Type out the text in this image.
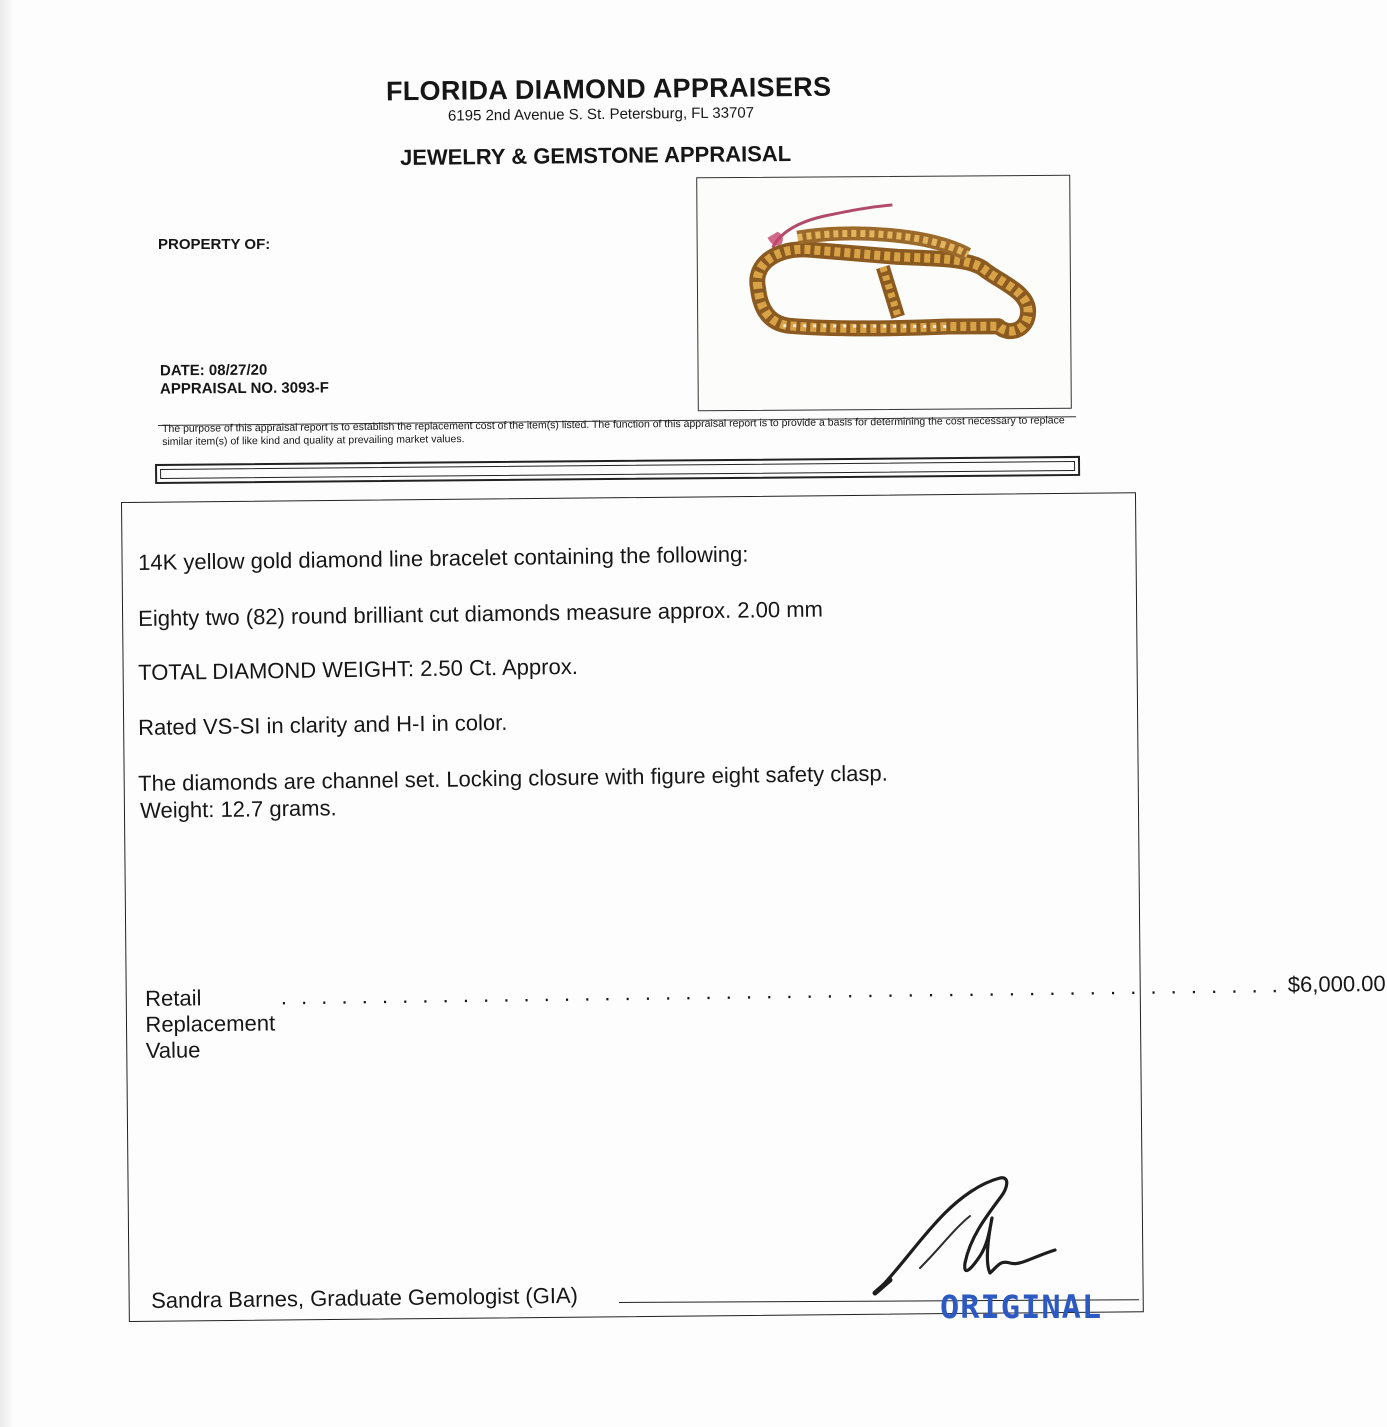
FLORIDA DIAMOND APPRAISERS
6195 2nd Avenue S. St. Petersburg, FL 33707
JEWELRY & GEMSTONE APPRAISAL
PROPERTY OF:
DATE: 08/27/20
APPRAISAL NO. 3093-F
The purpose of this appraisal report is to establish the replacement cost of the item(s) listed. The function of this appraisal report is to provide a basis for determining the cost necessary to replace similar item(s) of like kind and quality at prevailing market values.
14K yellow gold diamond line bracelet containing the following:
Eighty two (82) round brilliant cut diamonds measure approx. 2.00 mm
TOTAL DIAMOND WEIGHT: 2.50 Ct. Approx.
Rated VS-SI in clarity and H-I in color.
The diamonds are channel set. Locking closure with figure eight safety clasp.
Weight: 12.7 grams.
Retail Replacement Value
. . . . . . . . . . . . . . . . . . . . . . . . . . . . . . . . . . . . . . . . . . . . . . . . . . $6,000.00
Sandra Barnes, Graduate Gemologist (GIA)	ORIGINAL
